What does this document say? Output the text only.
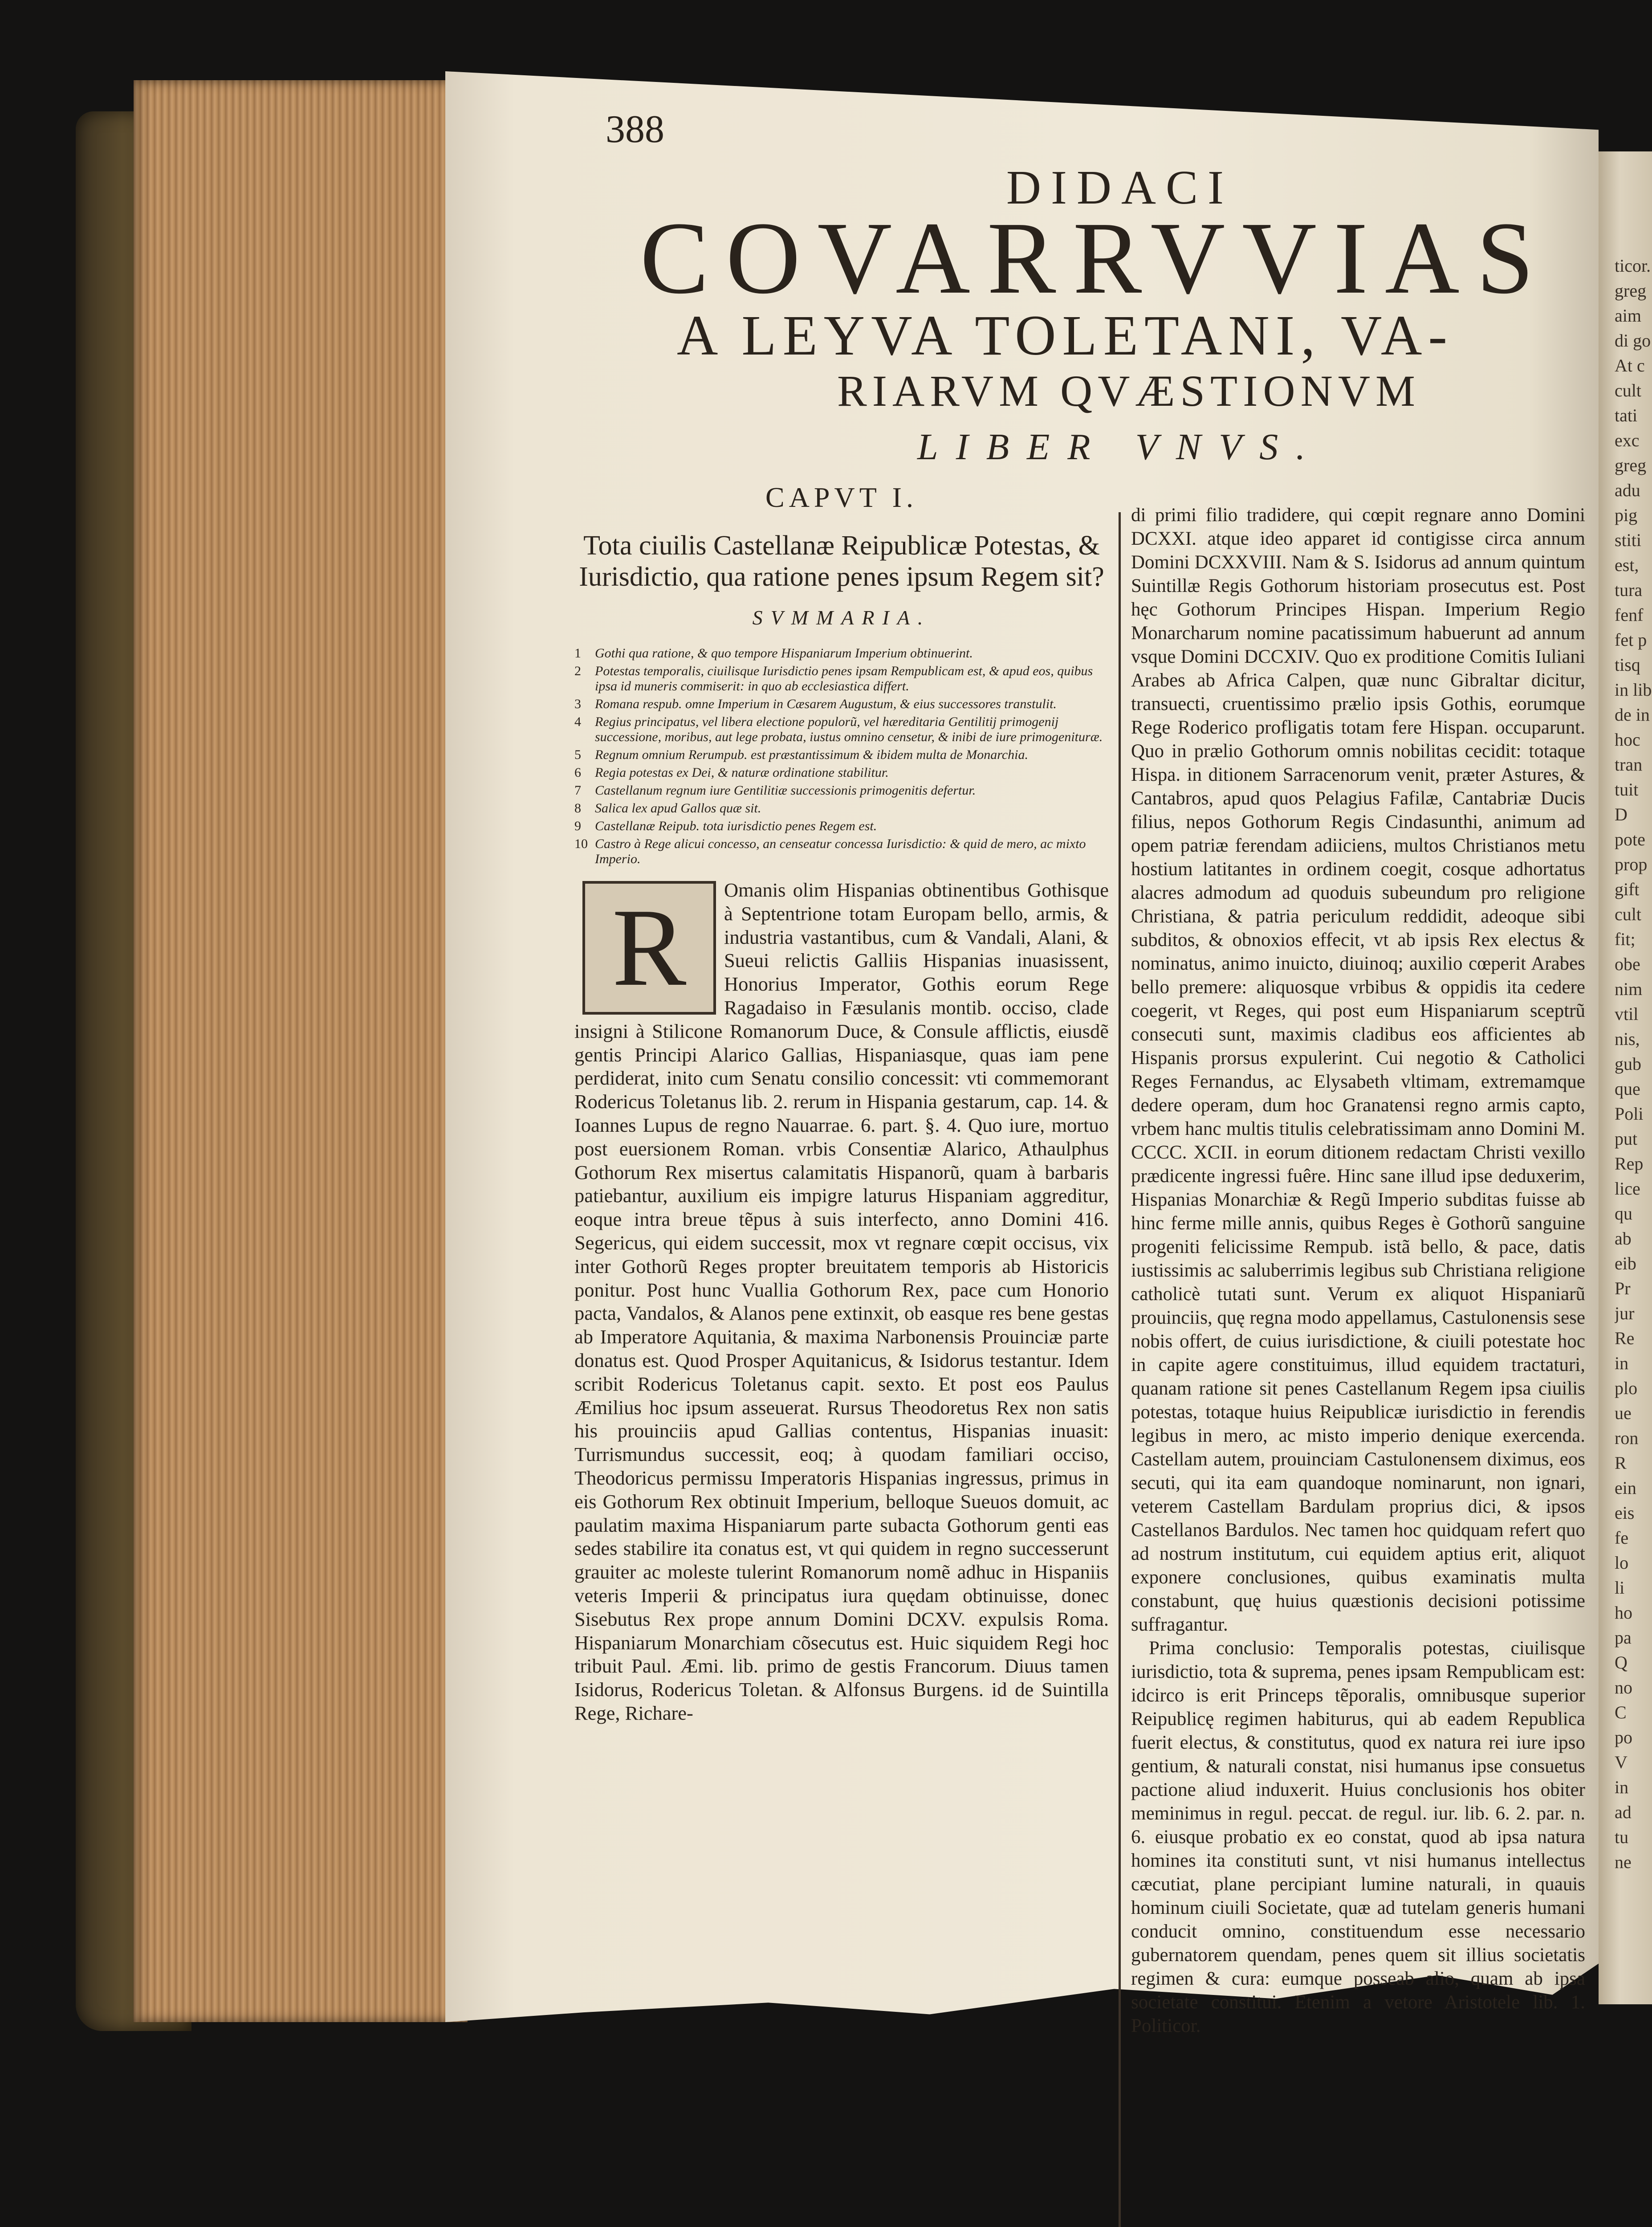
ticor.
greg
aim
di go
At c
cult
tati
exc
greg
adu
pig
stiti
est,
tura
fenf
fet p
tisq
in lib
de in
hoc
tran
tuit
D
pote
prop
gift
cult
fit;
obe
nim
vtil
nis,
gub
que
Poli
put
Rep
lice
qu
ab
eib
Pr
jur
Re
in
plo
ue
ron
R
ein
eis
fe
lo
li
ho
pa
Q
no
C
po
V
in
ad
tu
ne
388
DIDACI
COVARRVVIAS
A LEYVA TOLETANI, VA-
RIARVM QVÆSTIONVM
LIBER VNVS.
CAPVT I.
Tota ciuilis Castellanæ Reipublicæ Potestas, & Iurisdictio, qua ratione penes ipsum Regem sit?
SVMMARIA.
1	Gothi qua ratione, & quo tempore Hispaniarum Imperium obtinuerint.
2	Potestas temporalis, ciuilisque Iurisdictio penes ipsam Rempublicam est, & apud eos, quibus ipsa id muneris commiserit: in quo ab ecclesiastica differt.
3	Romana respub. omne Imperium in Cæsarem Augustum, & eius successores transtulit.
4	Regius principatus, vel libera electione populorũ, vel hæreditaria Gentilitij primogenij successione, moribus, aut lege probata, iustus omnino censetur, & inibi de iure primogenituræ.
5	Regnum omnium Rerumpub. est præstantissimum & ibidem multa de Monarchia.
6	Regia potestas ex Dei, & naturæ ordinatione stabilitur.
7	Castellanum regnum iure Gentilitiæ successionis primogenitis defertur.
8	Salica lex apud Gallos quæ sit.
9	Castellanæ Reipub. tota iurisdictio penes Regem est.
10 Castro à Rege alicui concesso, an censeatur concessa Iurisdictio: & quid de mero, ac mixto Imperio.
R	Omanis olim Hispanias obtinentibus Gothisque à Septentrione totam Europam bello, armis, & industria vastantibus, cum & Vandali, Alani, & Sueui relictis Galliis Hispanias inuasissent, Honorius Imperator, Gothis eorum Rege Ragadaiso in Fæsulanis montib. occiso, clade insigni à Stilicone Romanorum Duce, & Consule afflictis, eiusdẽ gentis Principi Alarico Gallias, Hispaniasque, quas iam pene perdiderat, inito cum Senatu consilio concessit: vti commemorant Rodericus Toletanus lib. 2. rerum in Hispania gestarum, cap. 14. & Ioannes Lupus de regno Nauarrae. 6. part. §. 4. Quo iure, mortuo post euersionem Roman. vrbis Consentiæ Alarico, Athaulphus Gothorum Rex misertus calamitatis Hispanorũ, quam à barbaris patiebantur, auxilium eis impigre laturus Hispaniam aggreditur, eoque intra breue tẽpus à suis interfecto, anno Domini 416. Segericus, qui eidem successit, mox vt regnare cœpit occisus, vix inter Gothorũ Reges propter breuitatem temporis ab Historicis ponitur. Post hunc Vuallia Gothorum Rex, pace cum Honorio pacta, Vandalos, & Alanos pene extinxit, ob easque res bene gestas ab Imperatore Aquitania, & maxima Narbonensis Prouinciæ parte donatus est. Quod Prosper Aquitanicus, & Isidorus testantur. Idem scribit Rodericus Toletanus capit. sexto. Et post eos Paulus Æmilius hoc ipsum asseuerat. Rursus Theodoretus Rex non satis his prouinciis apud Gallias contentus, Hispanias inuasit: Turrismundus successit, eoq; à quodam familiari occiso, Theodoricus permissu Imperatoris Hispanias ingressus, primus in eis Gothorum Rex obtinuit Imperium, belloque Sueuos domuit, ac paulatim maxima Hispaniarum parte subacta Gothorum genti eas sedes stabilire ita conatus est, vt qui quidem in regno successerunt grauiter ac moleste tulerint Romanorum nomẽ adhuc in Hispaniis veteris Imperii & principatus iura quędam obtinuisse, donec Sisebutus Rex prope annum Domini DCXV. expulsis Roma. Hispaniarum Monarchiam cõsecutus est. Huic siquidem Regi hoc tribuit Paul. Æmi. lib. primo de gestis Francorum. Diuus tamen Isidorus, Rodericus Toletan. & Alfonsus Burgens. id de Suintilla Rege, Richare-
di primi filio tradidere, qui cœpit regnare anno Domini DCXXI. atque ideo apparet id contigisse circa annum Domini DCXXVIII. Nam & S. Isidorus ad annum quintum Suintillæ Regis Gothorum historiam prosecutus est. Post hęc Gothorum Principes Hispan. Imperium Regio Monarcharum nomine pacatissimum habuerunt ad annum vsque Domini DCCXIV. Quo ex proditione Comitis Iuliani Arabes ab Africa Calpen, quæ nunc Gibraltar dicitur, transuecti, cruentissimo prælio ipsis Gothis, eorumque Rege Roderico profligatis totam fere Hispan. occuparunt. Quo in prælio Gothorum omnis nobilitas cecidit: totaque Hispa. in ditionem Sarracenorum venit, præter Astures, & Cantabros, apud quos Pelagius Fafilæ, Cantabriæ Ducis filius, nepos Gothorum Regis Cindasunthi, animum ad opem patriæ ferendam adiiciens, multos Christianos metu hostium latitantes in ordinem coegit, cosque adhortatus alacres admodum ad quoduis subeundum pro religione Christiana, & patria periculum reddidit, adeoque sibi subditos, & obnoxios effecit, vt ab ipsis Rex electus & nominatus, animo inuicto, diuinoq; auxilio cœperit Arabes bello premere: aliquosque vrbibus & oppidis ita cedere coegerit, vt Reges, qui post eum Hispaniarum sceptrũ consecuti sunt, maximis cladibus eos afficientes ab Hispanis prorsus expulerint. Cui negotio & Catholici Reges Fernandus, ac Elysabeth vltimam, extremamque dedere operam, dum hoc Granatensi regno armis capto, vrbem hanc multis titulis celebratissimam anno Domini M. CCCC. XCII. in eorum ditionem redactam Christi vexillo prædicente ingressi fuêre. Hinc sane illud ipse deduxerim, Hispanias Monarchiæ & Regũ Imperio subditas fuisse ab hinc ferme mille annis, quibus Reges è Gothorũ sanguine progeniti felicissime Rempub. istã bello, & pace, datis iustissimis ac saluberrimis legibus sub Christiana religione catholicè tutati sunt. Verum ex aliquot Hispaniarũ prouinciis, quę regna modo appellamus, Castulonensis sese nobis offert, de cuius iurisdictione, & ciuili potestate hoc in capite agere constituimus, illud equidem tractaturi, quanam ratione sit penes Castellanum Regem ipsa ciuilis potestas, totaque huius Reipublicæ iurisdictio in ferendis legibus in mero, ac misto imperio denique exercenda. Castellam autem, prouinciam Castulonensem diximus, eos secuti, qui ita eam quandoque nominarunt, non ignari, veterem Castellam Bardulam proprius dici, & ipsos Castellanos Bardulos. Nec tamen hoc quidquam refert quo ad nostrum institutum, cui equidem aptius erit, aliquot exponere conclusiones, quibus examinatis multa constabunt, quę huius quæstionis decisioni potissime suffragantur.
Prima conclusio: Temporalis potestas, ciuilisque iurisdictio, tota & suprema, penes ipsam Rempublicam est: idcirco is erit Princeps tẽporalis, omnibusque superior Reipublicę regimen habiturus, qui ab eadem Republica fuerit electus, & constitutus, quod ex natura rei iure ipso gentium, & naturali constat, nisi humanus ipse consuetus pactione aliud induxerit. Huius conclusionis hos obiter meminimus in regul. peccat. de regul. iur. lib. 6. 2. par. n. 6. eiusque probatio ex eo constat, quod ab ipsa natura homines ita constituti sunt, vt nisi humanus intellectus cæcutiat, plane percipiant lumine naturali, in quauis hominum ciuili Societate, quæ ad tutelam generis humani conducit omnino, constituendum esse necessario gubernatorem quendam, penes quem sit illius societatis regimen & cura: eumque posseab alio, quam ab ipsa societate constitui. Etenim a vetore Aristotele lib. 1. Politicor.
